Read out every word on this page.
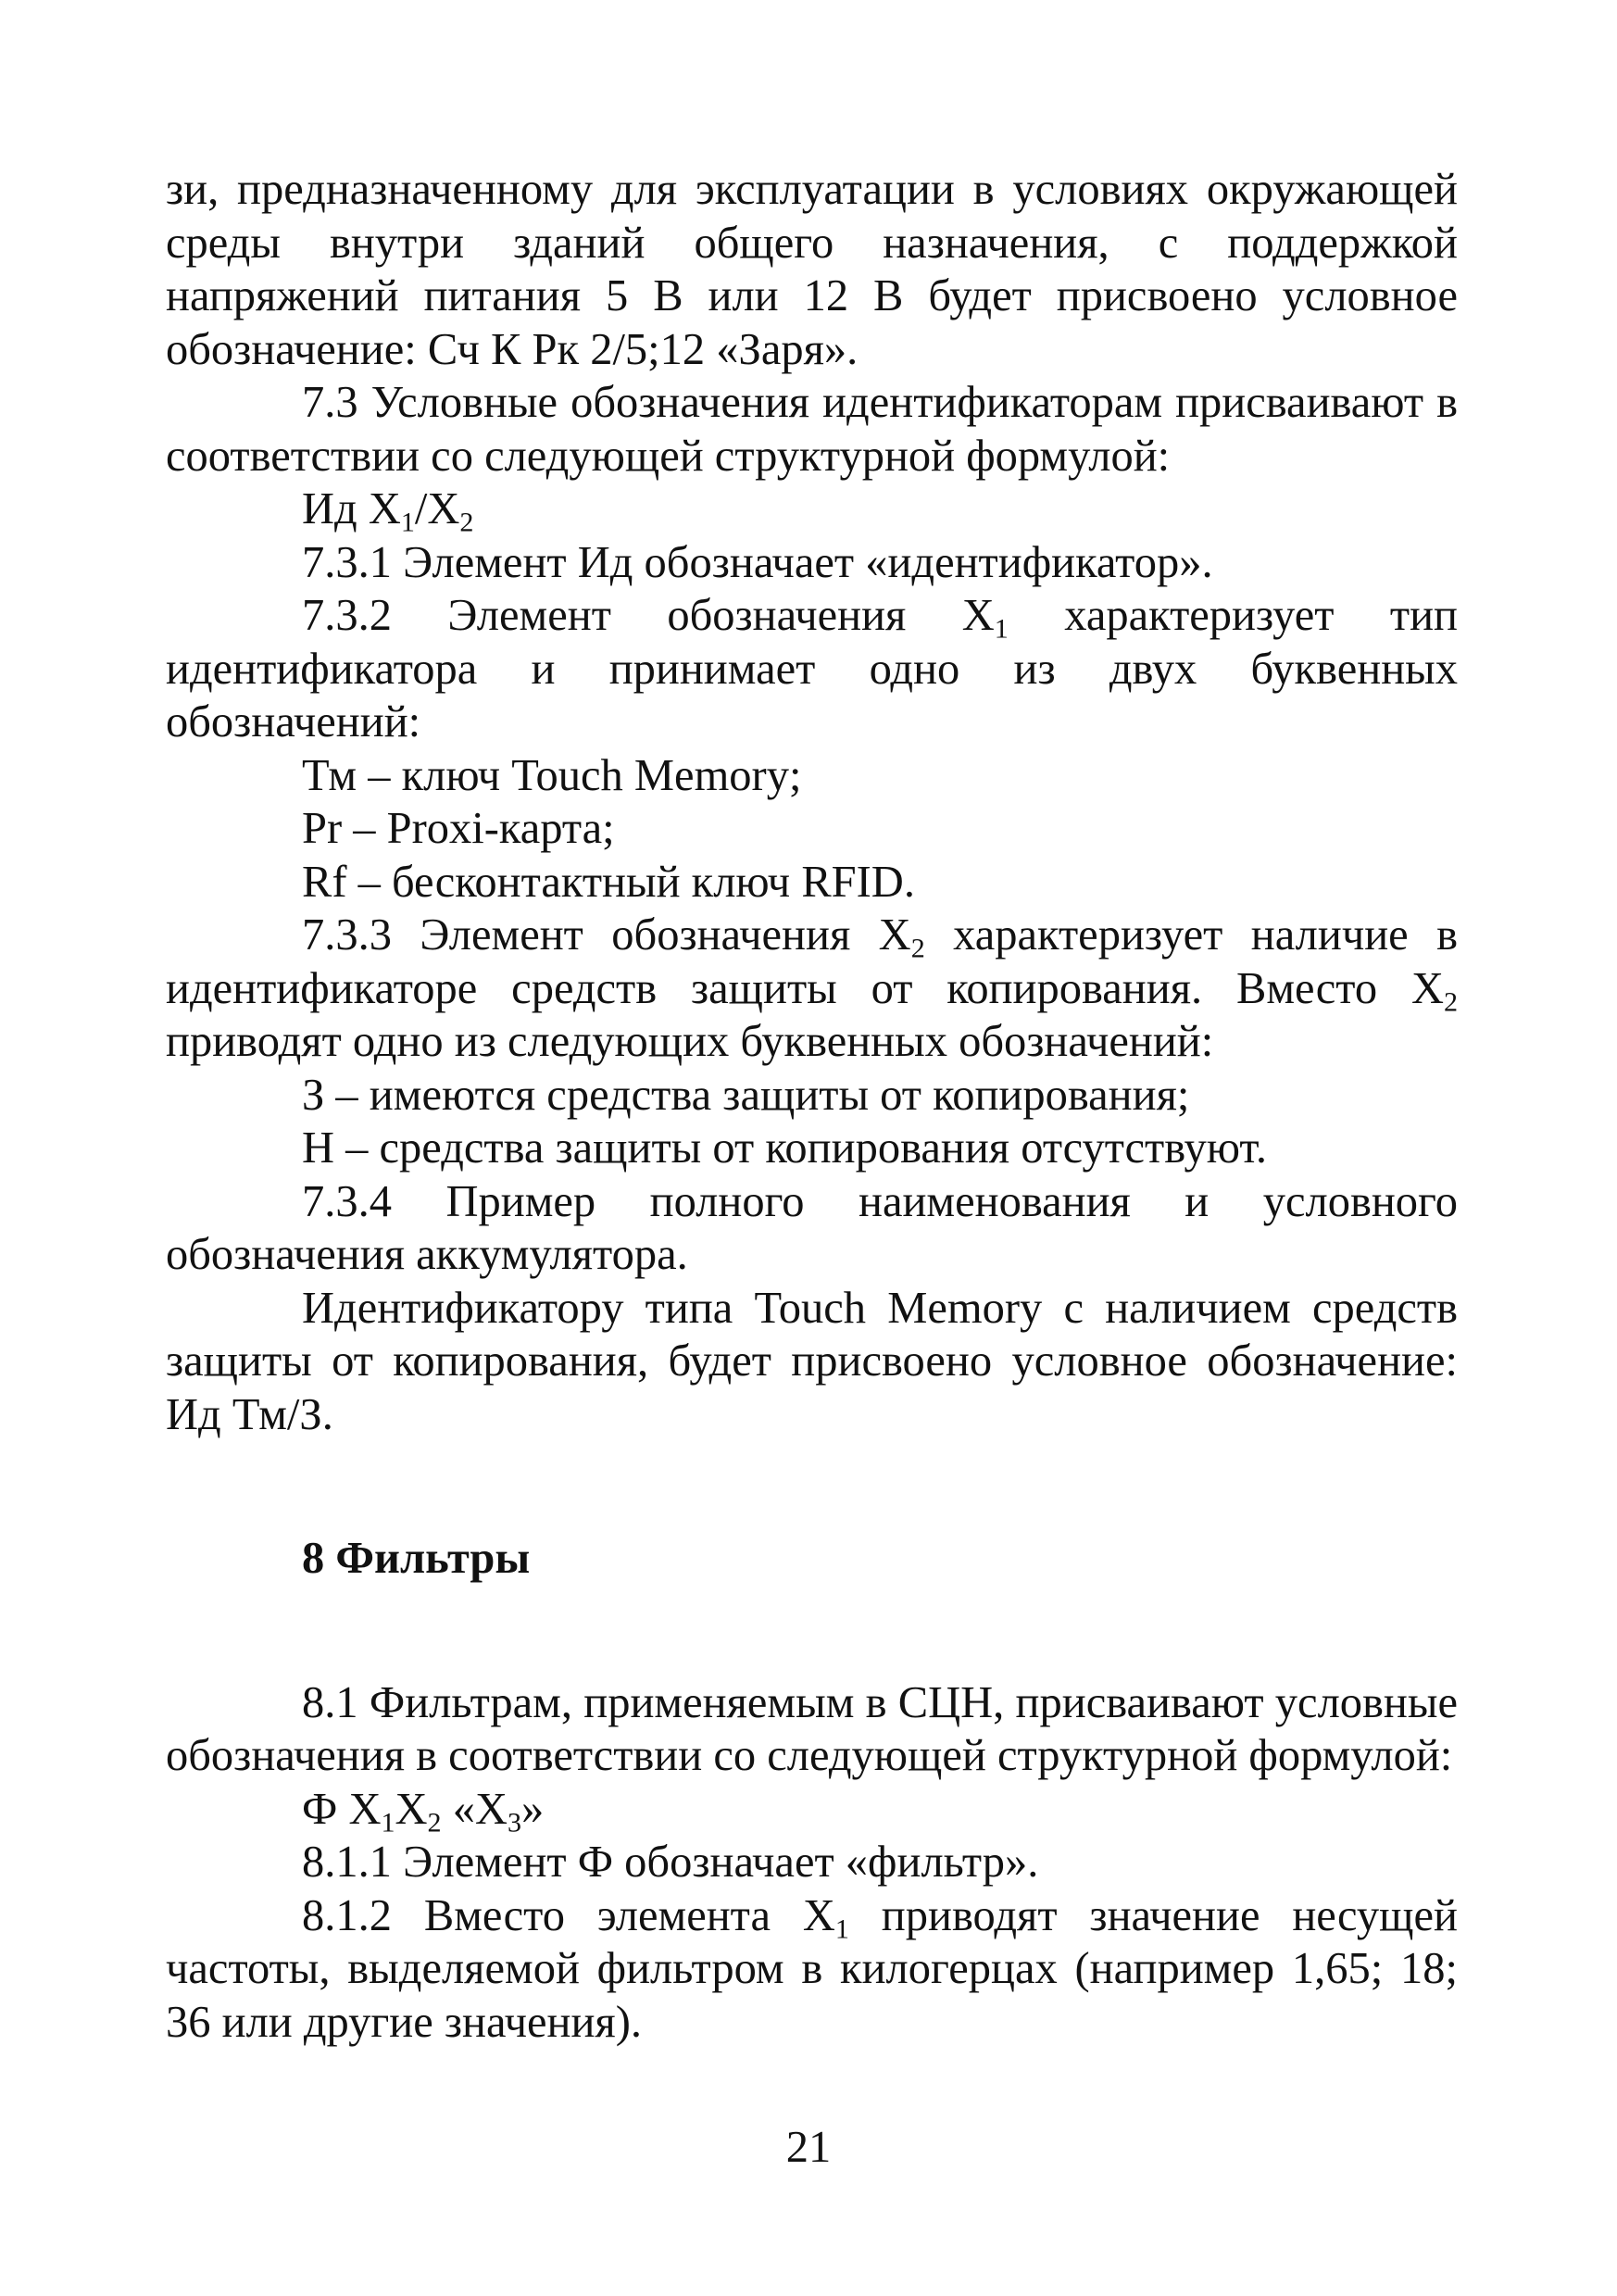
зи, предназначенному для эксплуатации в условиях окружающей среды внутри зданий общего назначения, с поддержкой напряжений питания 5 В или 12 В будет присвоено условное обозначение: Сч К Рк 2/5;12 «Заря».

7.3 Условные обозначения идентификаторам присваивают в соответствии со следующей структурной формулой:

Ид $Х_1/Х_2$

7.3.1 Элемент Ид обозначает «идентификатор».

7.3.2 Элемент обозначения $Х_1$ характеризует тип идентификатора и принимает одно из двух буквенных обозначений:

Тм – ключ Touch Memory;

Pr – Proxi-карта;

Rf – бесконтактный ключ RFID.

7.3.3 Элемент обозначения $Х_2$ характеризует наличие в идентификаторе средств защиты от копирования. Вместо $Х_2$ приводят одно из следующих буквенных обозначений:

З – имеются средства защиты от копирования;

Н – средства защиты от копирования отсутствуют.

7.3.4 Пример полного наименования и условного обозначения аккумулятора.

Идентификатору типа Touch Memory с наличием средств защиты от копирования, будет присвоено условное обозначение: Ид Тм/З.

8 Фильтры

8.1 Фильтрам, применяемым в СЦН, присваивают условные обозначения в соответствии со следующей структурной формулой:

Ф $Х_1Х_2$ «$Х_3$»

8.1.1 Элемент Ф обозначает «фильтр».

8.1.2 Вместо элемента $Х_1$ приводят значение несущей частоты, выделяемой фильтром в килогерцах (например 1,65; 18; 36 или другие значения).

21
